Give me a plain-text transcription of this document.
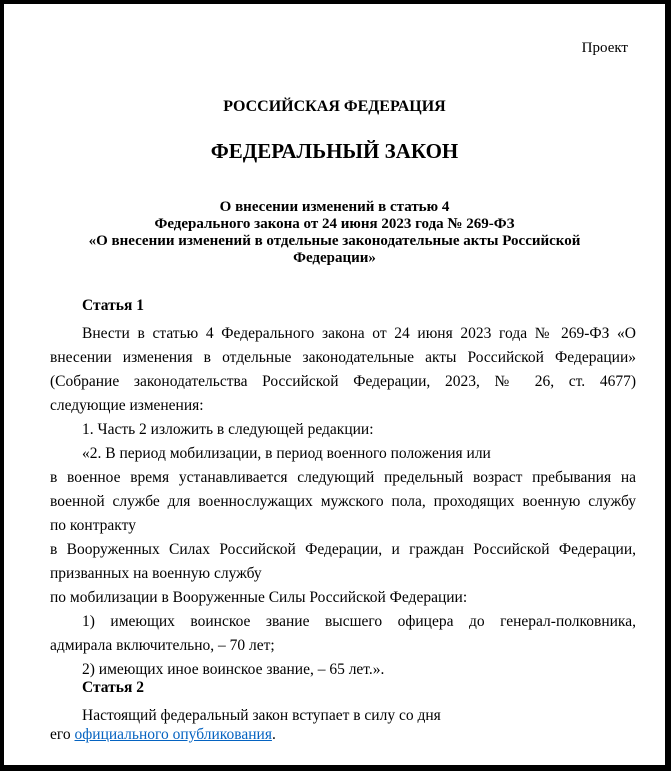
Проект
РОССИЙСКАЯ ФЕДЕРАЦИЯ
ФЕДЕРАЛЬНЫЙ ЗАКОН
О внесении изменений в статью 4
Федерального закона от 24 июня 2023 года № 269-ФЗ
«О внесении изменений в отдельные законодательные акты Российской
Федерации»
Статья 1
Внести в статью 4 Федерального закона от 24 июня 2023 года № 269-ФЗ «О
внесении изменения в отдельные законодательные акты Российской Федерации»
(Собрание законодательства Российской Федерации, 2023, № 26, ст. 4677)
следующие изменения:
1. Часть 2 изложить в следующей редакции:
«2. В период мобилизации, в период военного положения или
в военное время устанавливается следующий предельный возраст пребывания на
военной службе для военнослужащих мужского пола, проходящих военную службу
по контракту
в Вооруженных Силах Российской Федерации, и граждан Российской Федерации,
призванных на военную службу
по мобилизации в Вооруженные Силы Российской Федерации:
1) имеющих воинское звание высшего офицера до генерал-полковника,
адмирала включительно, – 70 лет;
2) имеющих иное воинское звание, – 65 лет.».
Статья 2
Настоящий федеральный закон вступает в силу со дня
его официального опубликования.
